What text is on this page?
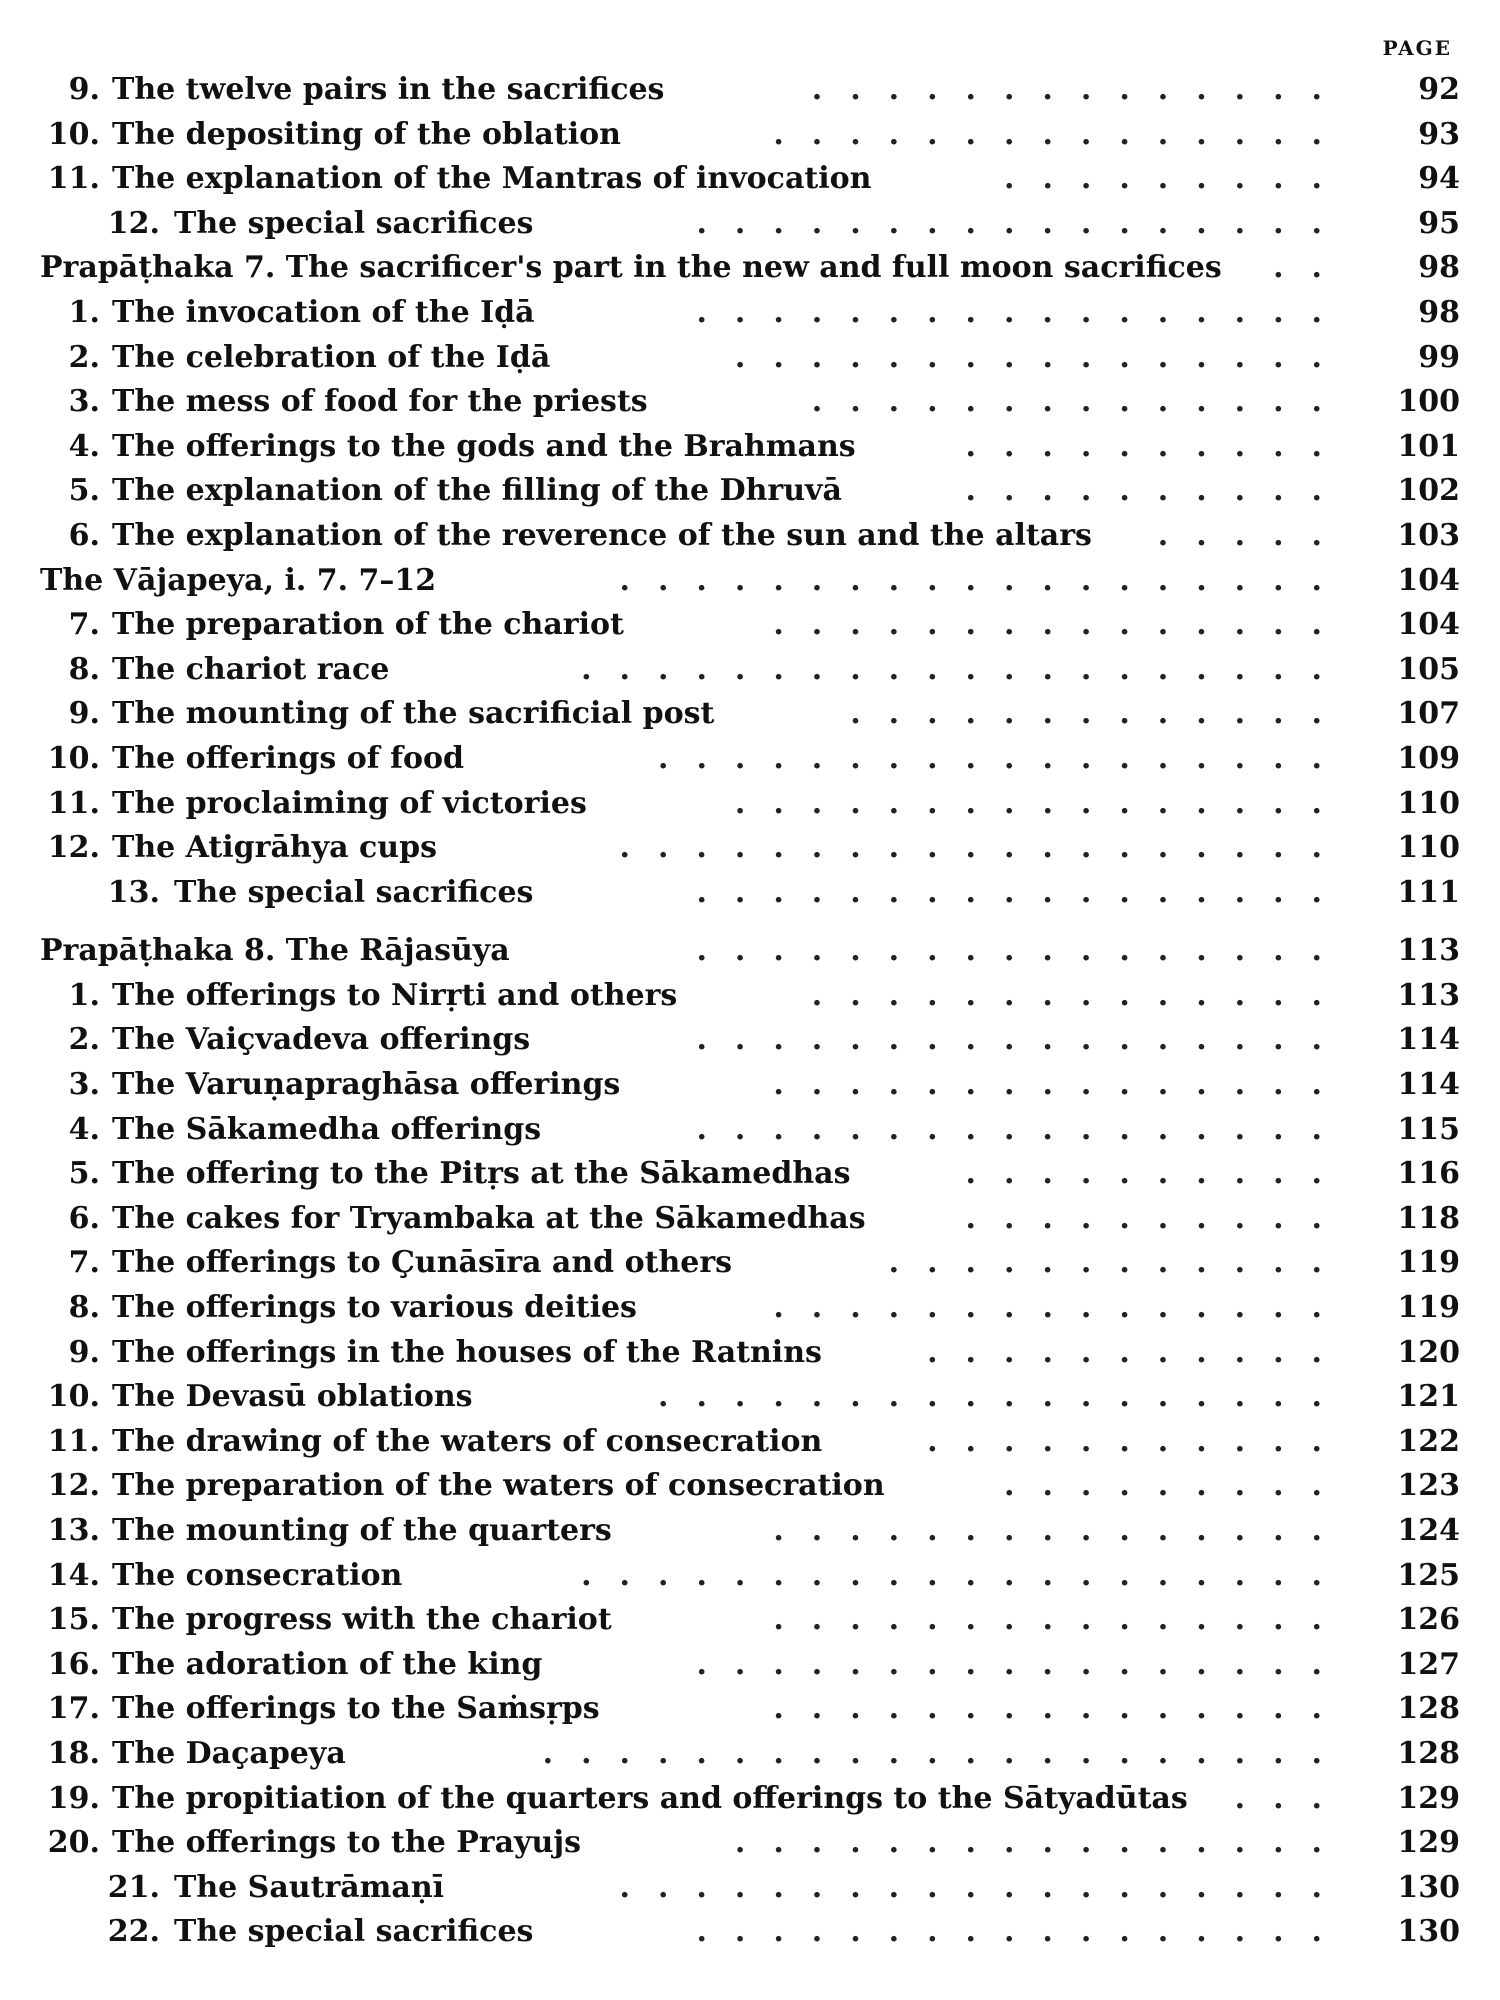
PAGE
9. The twelve pairs in the sacrifices	..............	92
10. The depositing of the oblation	...............	93
11. The explanation of the Mantras of invocation	.........	94
12. The special sacrifices	.................	95
Prapāṭhaka 7. The sacrificer's part in the new and full moon sacrifices	..	98
1. The invocation of the Iḍā	.................	98
2. The celebration of the Iḍā	................	99
3. The mess of food for the priests	..............	100
4. The offerings to the gods and the Brahmans	..........	101
5. The explanation of the filling of the Dhruvā	..........	102
6. The explanation of the reverence of the sun and the altars	.....	103
The Vājapeya, i. 7. 7–12	...................	104
7. The preparation of the chariot	...............	104
8. The chariot race	....................	105
9. The mounting of the sacrificial post	.............	107
10. The offerings of food	..................	109
11. The proclaiming of victories	................	110
12. The Atigrāhya cups	...................	110
13. The special sacrifices	.................	111
Prapāṭhaka 8. The Rājasūya	.................	113
1. The offerings to Nirṛti and others	..............	113
2. The Vaiçvadeva offerings	.................	114
3. The Varuṇapraghāsa offerings	...............	114
4. The Sākamedha offerings	.................	115
5. The offering to the Pitṛs at the Sākamedhas	..........	116
6. The cakes for Tryambaka at the Sākamedhas	..........	118
7. The offerings to Çunāsīra and others	............	119
8. The offerings to various deities	...............	119
9. The offerings in the houses of the Ratnins	...........	120
10. The Devasū oblations	..................	121
11. The drawing of the waters of consecration	...........	122
12. The preparation of the waters of consecration	.........	123
13. The mounting of the quarters	...............	124
14. The consecration	....................	125
15. The progress with the chariot	...............	126
16. The adoration of the king	.................	127
17. The offerings to the Saṁsṛps	...............	128
18. The Daçapeya	.....................	128
19. The propitiation of the quarters and offerings to the Sātyadūtas	...	129
20. The offerings to the Prayujs	................	129
21. The Sautrāmaṇī	...................	130
22. The special sacrifices	.................	130
